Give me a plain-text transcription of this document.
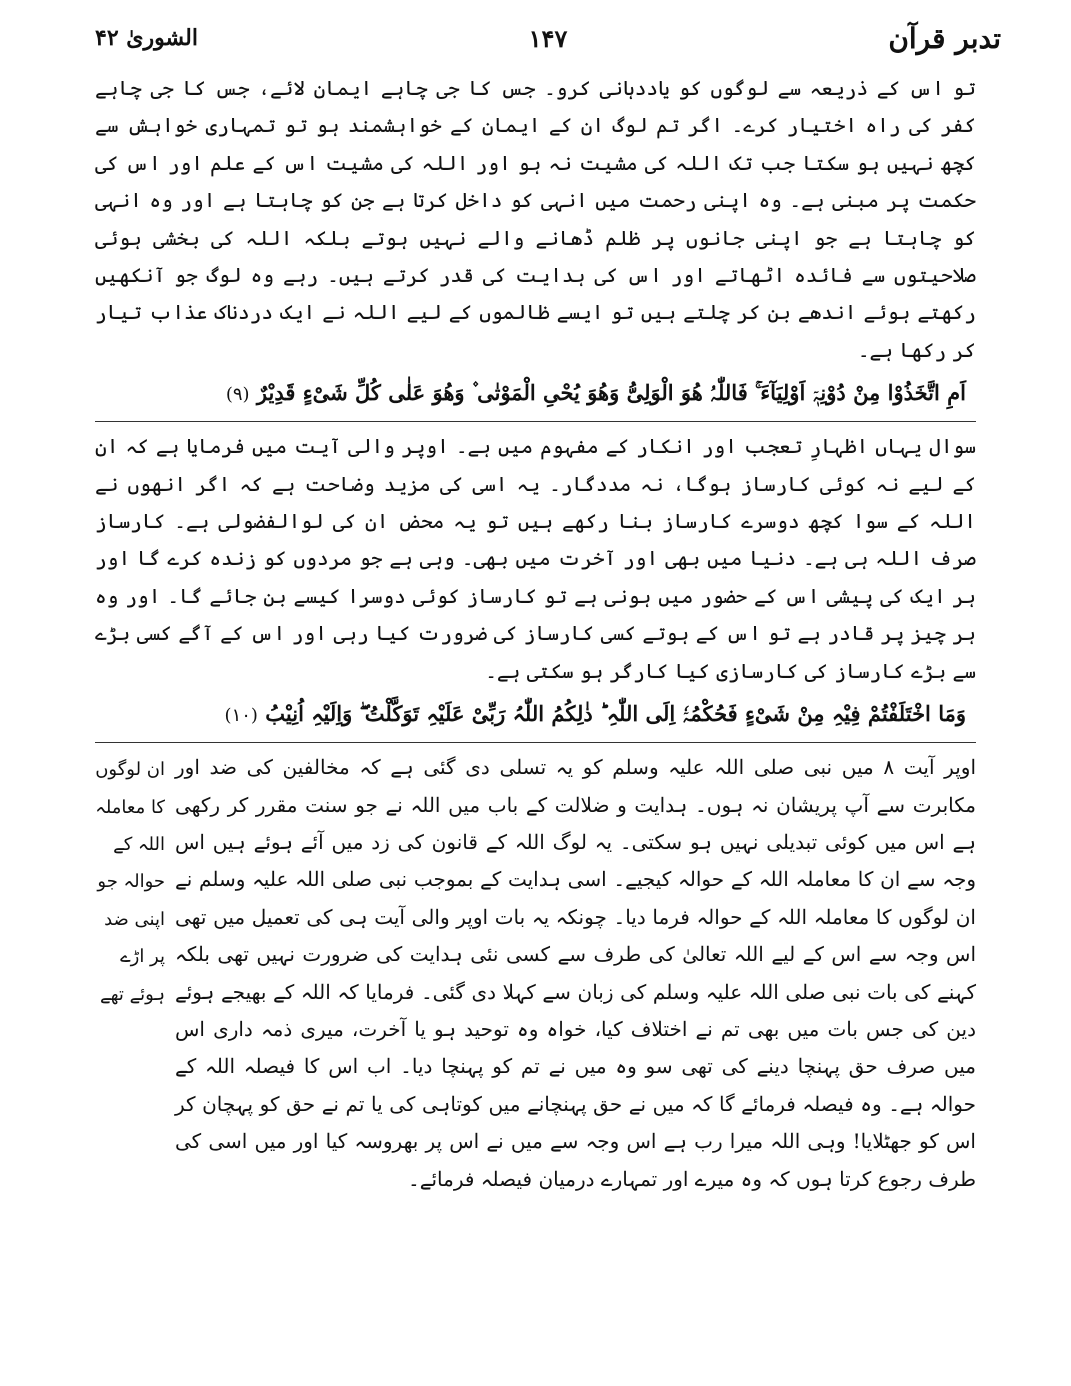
تدبر قرآن
۱۴۷
الشوریٰ ۴۲

تو اس کے ذریعہ سے لوگوں کو یاددہانی کرو۔ جس کا جی چاہے ایمان لائے، جس کا جی چاہے کفر کی راہ اختیار کرے۔ اگر تم لوگ ان کے ایمان کے خواہشمند ہو تو تمہاری خواہش سے کچھ نہیں ہو سکتا جب تک اللہ کی مشیت نہ ہو اور اللہ کی مشیت اس کے علم اور اس کی حکمت پر مبنی ہے۔ وہ اپنی رحمت میں انہی کو داخل کرتا ہے جن کو چاہتا ہے اور وہ انہی کو چاہتا ہے جو اپنی جانوں پر ظلم ڈھانے والے نہیں ہوتے بلکہ اللہ کی بخشی ہوئی صلاحیتوں سے فائدہ اٹھاتے اور اس کی ہدایت کی قدر کرتے ہیں۔ رہے وہ لوگ جو آنکھیں رکھتے ہوئے اندھے بن کر چلتے ہیں تو ایسے ظالموں کے لیے اللہ نے ایک دردناک عذاب تیار کر رکھا ہے۔

اَمِ اتَّخَذُوْا مِنْ دُوْنِہٖۤ اَوْلِیَآءَ ۚ فَاللّٰہُ ھُوَ الْوَلِیُّ وَھُوَ یُحْیِ الْمَوْتٰی ۫ وَھُوَ عَلٰی کُلِّ شَیْءٍ قَدِیْرٌ (۹)

سوال یہاں اظہارِ تعجب اور انکار کے مفہوم میں ہے۔ اوپر والی آیت میں فرمایا ہے کہ ان کے لیے نہ کوئی کارساز ہوگا، نہ مددگار۔ یہ اسی کی مزید وضاحت ہے کہ اگر انھوں نے اللہ کے سوا کچھ دوسرے کارساز بنا رکھے ہیں تو یہ محض ان کی لوالفضولی ہے۔ کارساز صرف اللہ ہی ہے۔ دنیا میں بھی اور آخرت میں بھی۔ وہی ہے جو مردوں کو زندہ کرے گا اور ہر ایک کی پیشی اس کے حضور میں ہونی ہے تو کارساز کوئی دوسرا کیسے بن جائے گا۔ اور وہ ہر چیز پر قادر ہے تو اس کے ہوتے کسی کارساز کی ضرورت کیا رہی اور اس کے آگے کسی بڑے سے بڑے کارساز کی کارسازی کیا کارگر ہو سکتی ہے۔

وَمَا اخْتَلَفْتُمْ فِیْہِ مِنْ شَیْءٍ فَحُکْمُہٗۤ اِلَی اللّٰہِ ؕ ذٰلِکُمُ اللّٰہُ رَبِّیْ عَلَیْہِ تَوَکَّلْتُ ۖ وَاِلَیْہِ اُنِیْبُ (۱۰)

اوپر آیت ۸ میں نبی صلی اللہ علیہ وسلم کو یہ تسلی دی گئی ہے کہ مخالفین کی ضد اور مکابرت سے آپ پریشان نہ ہوں۔ ہدایت و ضلالت کے باب میں اللہ نے جو سنت مقرر کر رکھی ہے اس میں کوئی تبدیلی نہیں ہو سکتی۔ یہ لوگ اللہ کے قانون کی زد میں آئے ہوئے ہیں اس وجہ سے ان کا معاملہ اللہ کے حوالہ کیجیے۔ اسی ہدایت کے بموجب نبی صلی اللہ علیہ وسلم نے ان لوگوں کا معاملہ اللہ کے حوالہ فرما دیا۔ چونکہ یہ بات اوپر والی آیت ہی کی تعمیل میں تھی اس وجہ سے اس کے لیے اللہ تعالیٰ کی طرف سے کسی نئی ہدایت کی ضرورت نہیں تھی بلکہ کہنے کی بات نبی صلی اللہ علیہ وسلم کی زبان سے کہلا دی گئی۔ فرمایا کہ اللہ کے بھیجے ہوئے دین کی جس بات میں بھی تم نے اختلاف کیا، خواہ وہ توحید ہو یا آخرت، میری ذمہ داری اس میں صرف حق پہنچا دینے کی تھی سو وہ میں نے تم کو پہنچا دیا۔ اب اس کا فیصلہ اللہ کے حوالہ ہے۔ وہ فیصلہ فرمائے گا کہ میں نے حق پہنچانے میں کوتاہی کی یا تم نے حق کو پہچان کر اس کو جھٹلایا! وہی اللہ میرا رب ہے اس وجہ سے میں نے اس پر بھروسہ کیا اور میں اسی کی طرف رجوع کرتا ہوں کہ وہ میرے اور تمہارے درمیان فیصلہ فرمائے۔

ان لوگوں کا معاملہ اللہ کے حوالہ جو اپنی ضد پر اڑے ہوئے تھے
